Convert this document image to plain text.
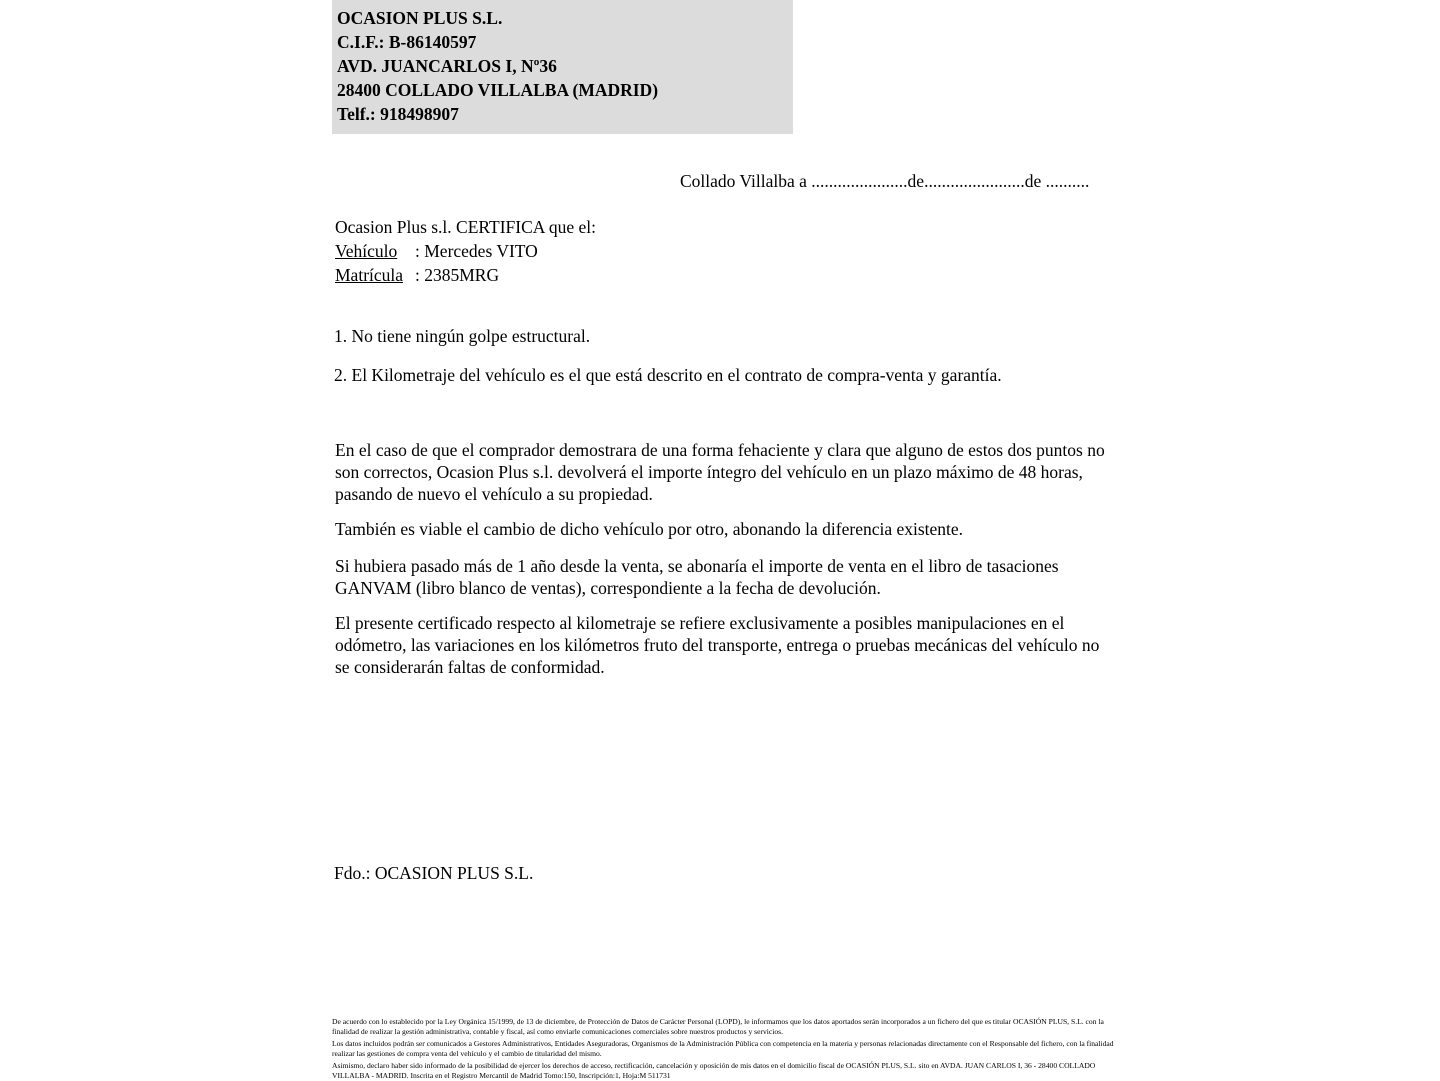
OCASION PLUS S.L.
C.I.F.: B-86140597
AVD. JUANCARLOS I, Nº36
28400 COLLADO VILLALBA (MADRID)
Telf.: 918498907
Collado Villalba a ......................de.......................de ..........
Ocasion Plus s.l. CERTIFICA que el:
Vehículo : Mercedes VITO
Matrícula : 2385MRG
1. No tiene ningún golpe estructural.
2. El Kilometraje del vehículo es el que está descrito en el contrato de compra-venta y garantía.
En el caso de que el comprador demostrara de una forma fehaciente y clara que alguno de estos dos puntos no son correctos, Ocasion Plus s.l. devolverá el importe íntegro del vehículo en un plazo máximo de 48 horas, pasando de nuevo el vehículo a su propiedad.
También es viable el cambio de dicho vehículo por otro, abonando la diferencia existente.
Si hubiera pasado más de 1 año desde la venta, se abonaría el importe de venta en el libro de tasaciones GANVAM (libro blanco de ventas), correspondiente a la fecha de devolución.
El presente certificado respecto al kilometraje se refiere exclusivamente a posibles manipulaciones en el odómetro, las variaciones en los kilómetros fruto del transporte, entrega o pruebas mecánicas del vehículo no se considerarán faltas de conformidad.
Fdo.: OCASION PLUS S.L.

De acuerdo con lo establecido por la Ley Orgánica 15/1999, de 13 de diciembre, de Protección de Datos de Carácter Personal (LOPD), le informamos que los datos aportados serán incorporados a un fichero del que es titular OCASIÓN PLUS, S.L. con la finalidad de realizar la gestión administrativa, contable y fiscal, así como enviarle comunicaciones comerciales sobre nuestros productos y servicios.

Los datos incluidos podrán ser comunicados a Gestores Administrativos, Entidades Aseguradoras, Organismos de la Administración Pública con competencia en la materia y personas relacionadas directamente con el Responsable del fichero, con la finalidad realizar las gestiones de compra venta del vehículo y el cambio de titularidad del mismo.

Asimismo, declaro haber sido informado de la posibilidad de ejercer los derechos de acceso, rectificación, cancelación y oposición de mis datos en el domicilio fiscal de OCASIÓN PLUS, S.L. sito en AVDA. JUAN CARLOS I, 36 - 28400 COLLADO VILLALBA - MADRID. Inscrita en el Registro Mercantil de Madrid Tomo:150, Inscripción:1, Hoja:M 511731
